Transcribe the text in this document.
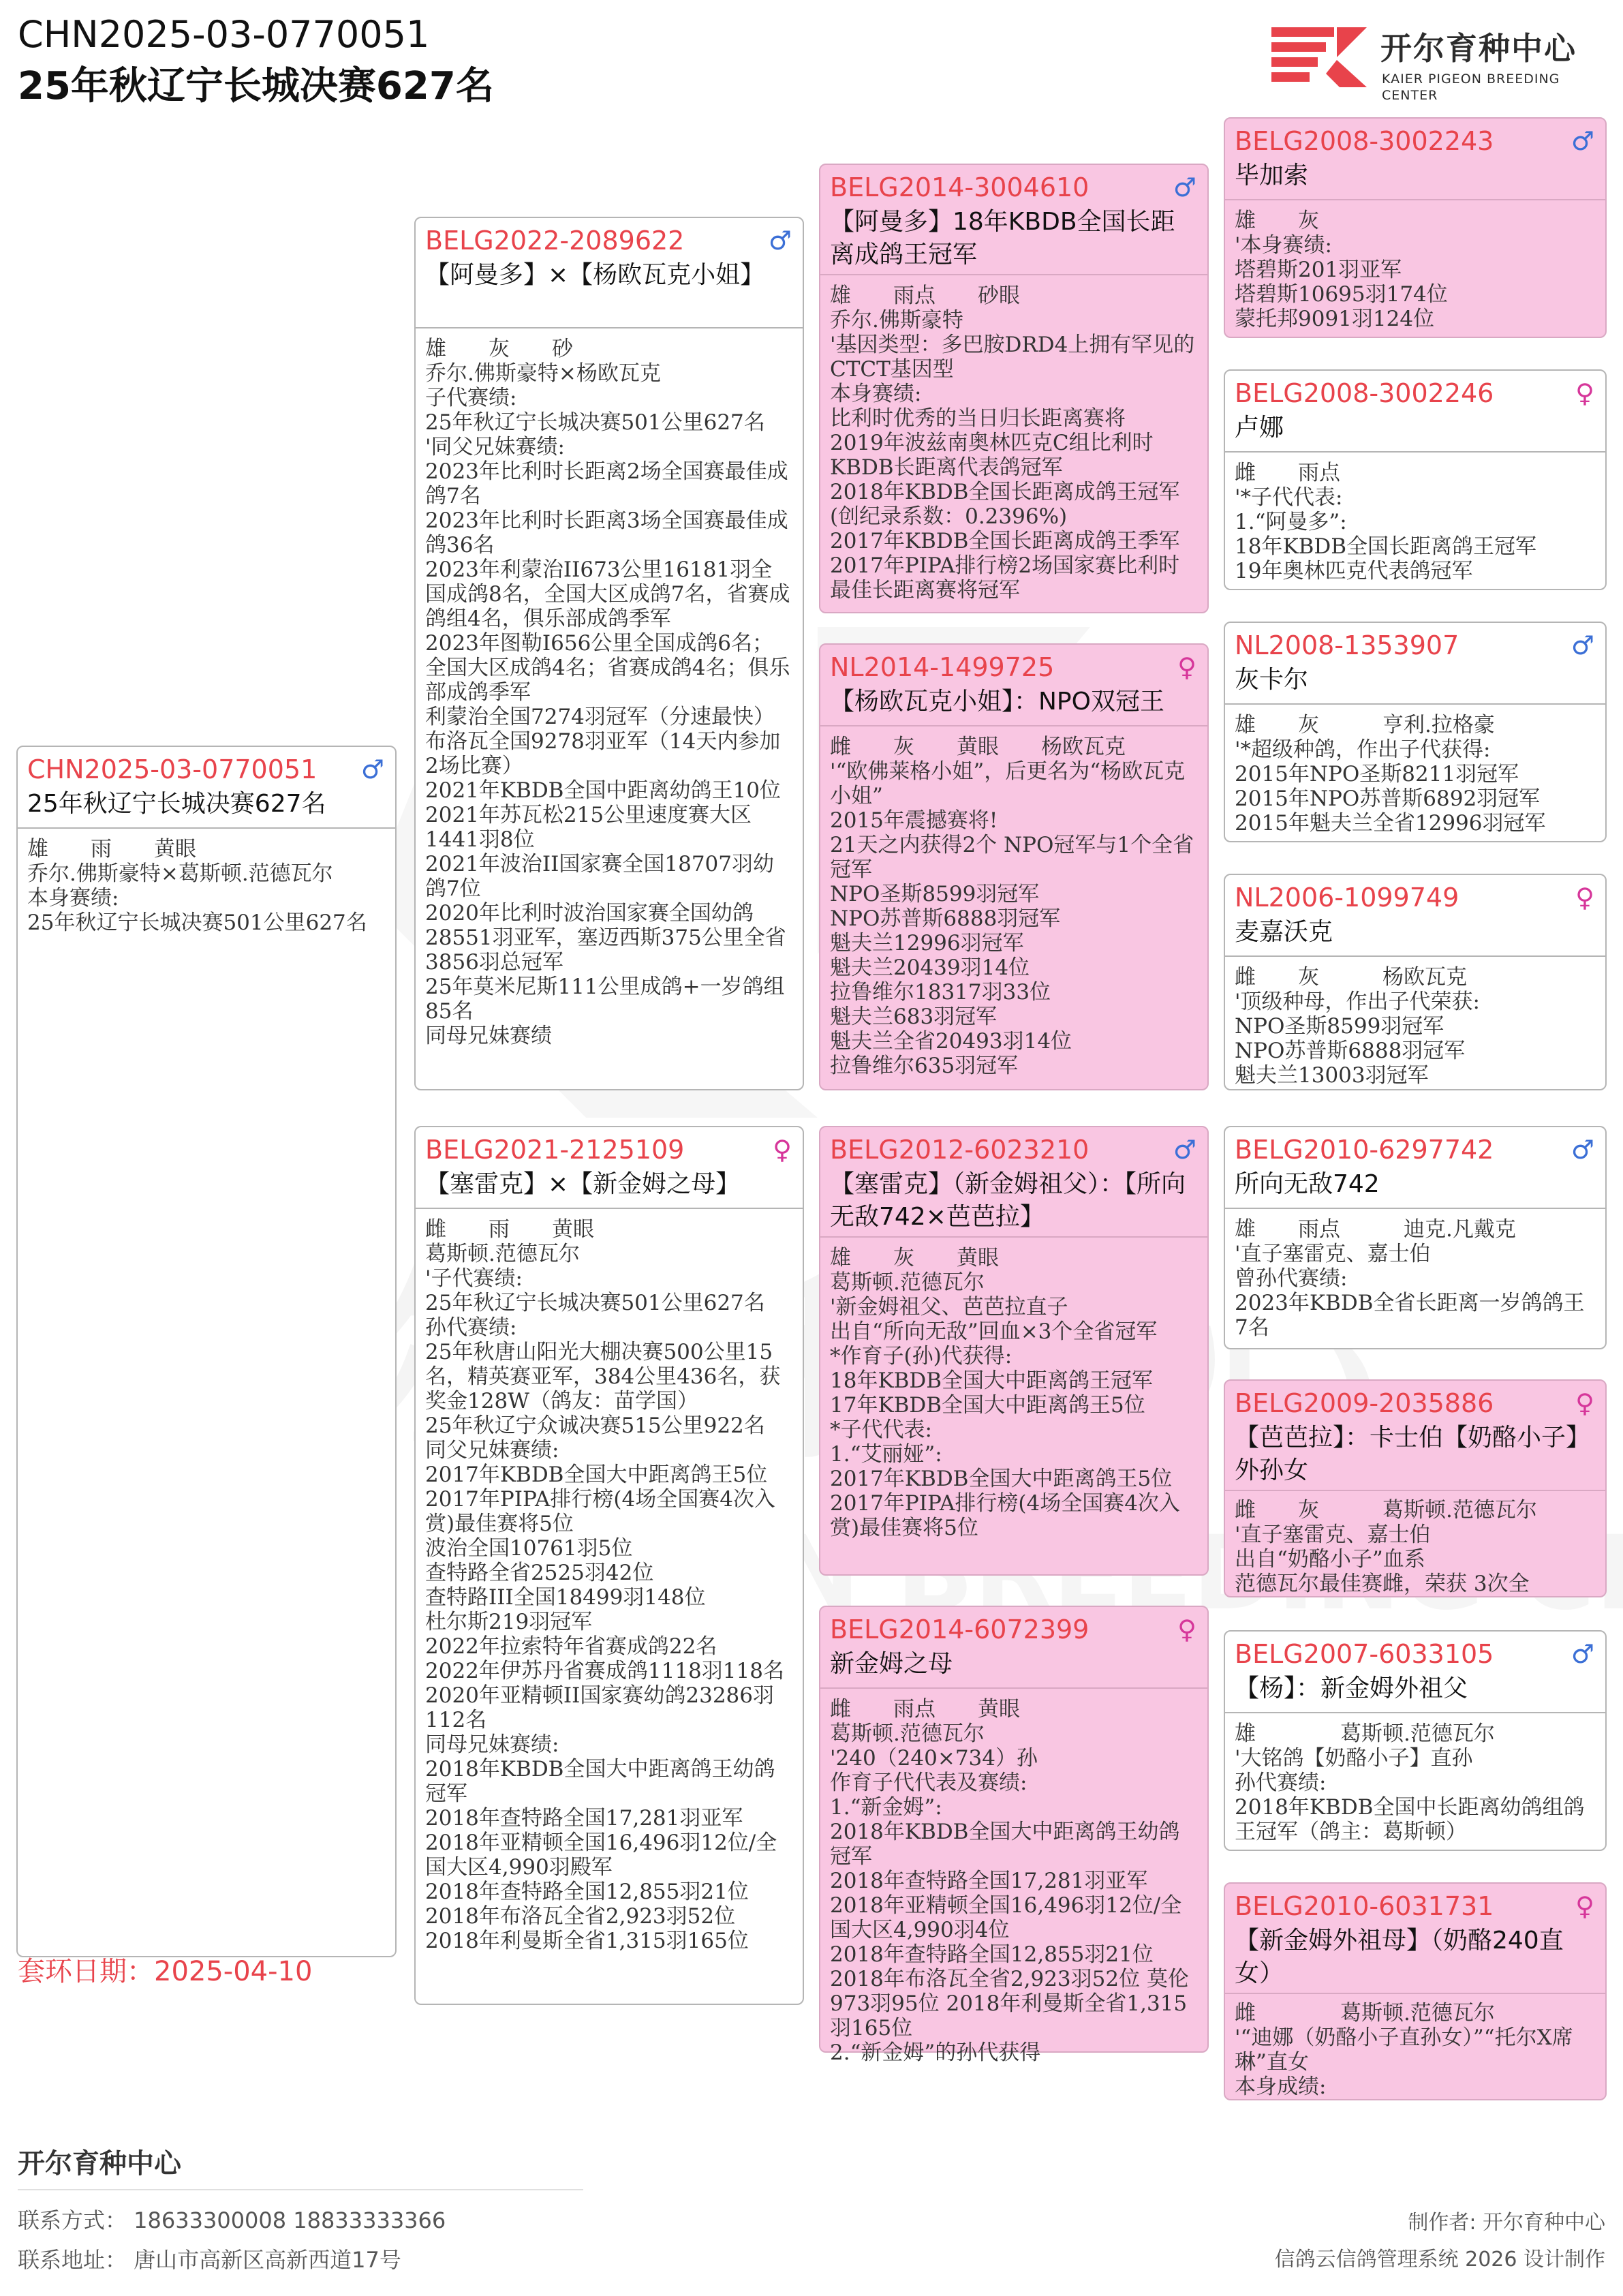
CHN2025-03-0770051
25年秋辽宁长城决赛627名
开尔育种中心
KAIER PIGEON BREEDING CENTER
CHN2025-03-0770051 ♂
25年秋辽宁长城决赛627名
雄　　雨　　黄眼
乔尔.佛斯豪特×葛斯顿.范德瓦尔
本身赛绩:
25年秋辽宁长城决赛501公里627名
套环日期：2025-04-10
BELG2022-2089622	♂
【阿曼多】×【杨欧瓦克小姐】
雄　　灰　　砂
乔尔.佛斯豪特×杨欧瓦克
子代赛绩:
25年秋辽宁长城决赛501公里627名
'同父兄妹赛绩:
2023年比利时长距离2场全国赛最佳成鸽7名
2023年比利时长距离3场全国赛最佳成鸽36名
2023年利蒙治II673公里16181羽全国成鸽8名，全国大区成鸽7名，省赛成鸽组4名，俱乐部成鸽季军
2023年图勒I656公里全国成鸽6名；全国大区成鸽4名；省赛成鸽4名；俱乐部成鸽季军
利蒙治全国7274羽冠军（分速最快）
布洛瓦全国9278羽亚军（14天内参加2场比赛）
2021年KBDB全国中距离幼鸽王10位
2021年苏瓦松215公里速度赛大区1441羽8位
2021年波治II国家赛全国18707羽幼鸽7位
2020年比利时波治国家赛全国幼鸽28551羽亚军，塞迈西斯375公里全省3856羽总冠军
25年莫米尼斯111公里成鸽+一岁鸽组85名
同母兄妹赛绩
BELG2021-2125109	♀
【塞雷克】×【新金姆之母】
雌　　雨　　黄眼
葛斯顿.范德瓦尔
'子代赛绩:
25年秋辽宁长城决赛501公里627名
孙代赛绩:
25年秋唐山阳光大棚决赛500公里15名，精英赛亚军，384公里436名，获奖金128W（鸽友：苗学国）
25年秋辽宁众诚决赛515公里922名
同父兄妹赛绩:
2017年KBDB全国大中距离鸽王5位
2017年PIPA排行榜(4场全国赛4次入赏)最佳赛将5位
波治全国10761羽5位
查特路全省2525羽42位
查特路III全国18499羽148位
杜尔斯219羽冠军
2022年拉索特年省赛成鸽22名
2022年伊苏丹省赛成鸽1118羽118名
2020年亚精顿II国家赛幼鸽23286羽112名
同母兄妹赛绩:
2018年KBDB全国大中距离鸽王幼鸽冠军
2018年查特路全国17,281羽亚军
2018年亚精顿全国16,496羽12位/全国大区4,990羽殿军
2018年查特路全国12,855羽21位
2018年布洛瓦全省2,923羽52位
2018年利曼斯全省1,315羽165位
BELG2014-3004610	♂
【阿曼多】18年KBDB全国长距离成鸽王冠军
雄　　雨点　　砂眼
乔尔.佛斯豪特
'基因类型：多巴胺DRD4上拥有罕见的CTCT基因型
本身赛绩:
比利时优秀的当日归长距离赛将
2019年波兹南奥林匹克C组比利时KBDB长距离代表鸽冠军
2018年KBDB全国长距离成鸽王冠军(创纪录系数：0.2396%)
2017年KBDB全国长距离成鸽王季军
2017年PIPA排行榜2场国家赛比利时最佳长距离赛将冠军
NL2014-1499725	♀
【杨欧瓦克小姐】：NPO双冠王
雌　　灰　　黄眼　　杨欧瓦克
'“欧佛莱格小姐”，后更名为“杨欧瓦克小姐”
2015年震撼赛将!
21天之内获得2个 NPO冠军与1个全省冠军
NPO圣斯8599羽冠军
NPO苏普斯6888羽冠军
魁夫兰12996羽冠军
魁夫兰20439羽14位
拉鲁维尔18317羽33位
魁夫兰683羽冠军
魁夫兰全省20493羽14位
拉鲁维尔635羽冠军
BELG2012-6023210	♂
【塞雷克】（新金姆祖父）：【所向无敌742×芭芭拉】
雄　　灰　　黄眼
葛斯顿.范德瓦尔
'新金姆祖父、芭芭拉直子
出自“所向无敌”回血×3个全省冠军
*作育子(孙)代获得:
18年KBDB全国大中距离鸽王冠军
17年KBDB全国大中距离鸽王5位
*子代代表:
1.“艾丽娅”:
2017年KBDB全国大中距离鸽王5位
2017年PIPA排行榜(4场全国赛4次入赏)最佳赛将5位
BELG2014-6072399	♀
新金姆之母
雌　　雨点　　黄眼
葛斯顿.范德瓦尔
'240（240×734）孙
作育子代代表及赛绩:
1.“新金姆”:
2018年KBDB全国大中距离鸽王幼鸽冠军
2018年查特路全国17,281羽亚军
2018年亚精顿全国16,496羽12位/全国大区4,990羽4位
2018年查特路全国12,855羽21位
2018年布洛瓦全省2,923羽52位 莫伦973羽95位 2018年利曼斯全省1,315羽165位
2.“新金姆”的孙代获得
BELG2008-3002243	♂
毕加索
雄　　灰
'本身赛绩:
塔碧斯201羽亚军
塔碧斯10695羽174位
蒙托邦9091羽124位
BELG2008-3002246	♀
卢娜
雌　　雨点
'*子代代表:
1.“阿曼多”:
18年KBDB全国长距离鸽王冠军
19年奥林匹克代表鸽冠军
NL2008-1353907	♂
灰卡尔
雄　　灰　　　亨利.拉格豪
'*超级种鸽，作出子代获得:
2015年NPO圣斯8211羽冠军
2015年NPO苏普斯6892羽冠军
2015年魁夫兰全省12996羽冠军
NL2006-1099749	♀
麦嘉沃克
雌　　灰　　　杨欧瓦克
'顶级种母，作出子代荣获:
NPO圣斯8599羽冠军
NPO苏普斯6888羽冠军
魁夫兰13003羽冠军
BELG2010-6297742	♂
所向无敌742
雄　　雨点　　　迪克.凡戴克
'直子塞雷克、嘉士伯
曾孙代赛绩:
2023年KBDB全省长距离一岁鸽鸽王7名
BELG2009-2035886	♀
【芭芭拉】：卡士伯【奶酪小子】 外孙女
雌　　灰　　　葛斯顿.范德瓦尔
'直子塞雷克、嘉士伯
出自“奶酪小子”血系
范德瓦尔最佳赛雌，荣获 3次全
BELG2007-6033105	♂
【杨】：新金姆外祖父
雄　　　　葛斯顿.范德瓦尔
'大铭鸽【奶酪小子】直孙
孙代赛绩:
2018年KBDB全国中长距离幼鸽组鸽王冠军（鸽主：葛斯顿）
BELG2010-6031731	♀
【新金姆外祖母】（奶酪240直女）
雌　　　　葛斯顿.范德瓦尔
'“迪娜（奶酪小子直孙女）”“托尔X席琳”直女
本身成绩:
开尔育种中心
联系方式： 18633300008 18833333366
联系地址： 唐山市高新区高新西道17号
制作者: 开尔育种中心
信鸽云信鸽管理系统 2026 设计制作
